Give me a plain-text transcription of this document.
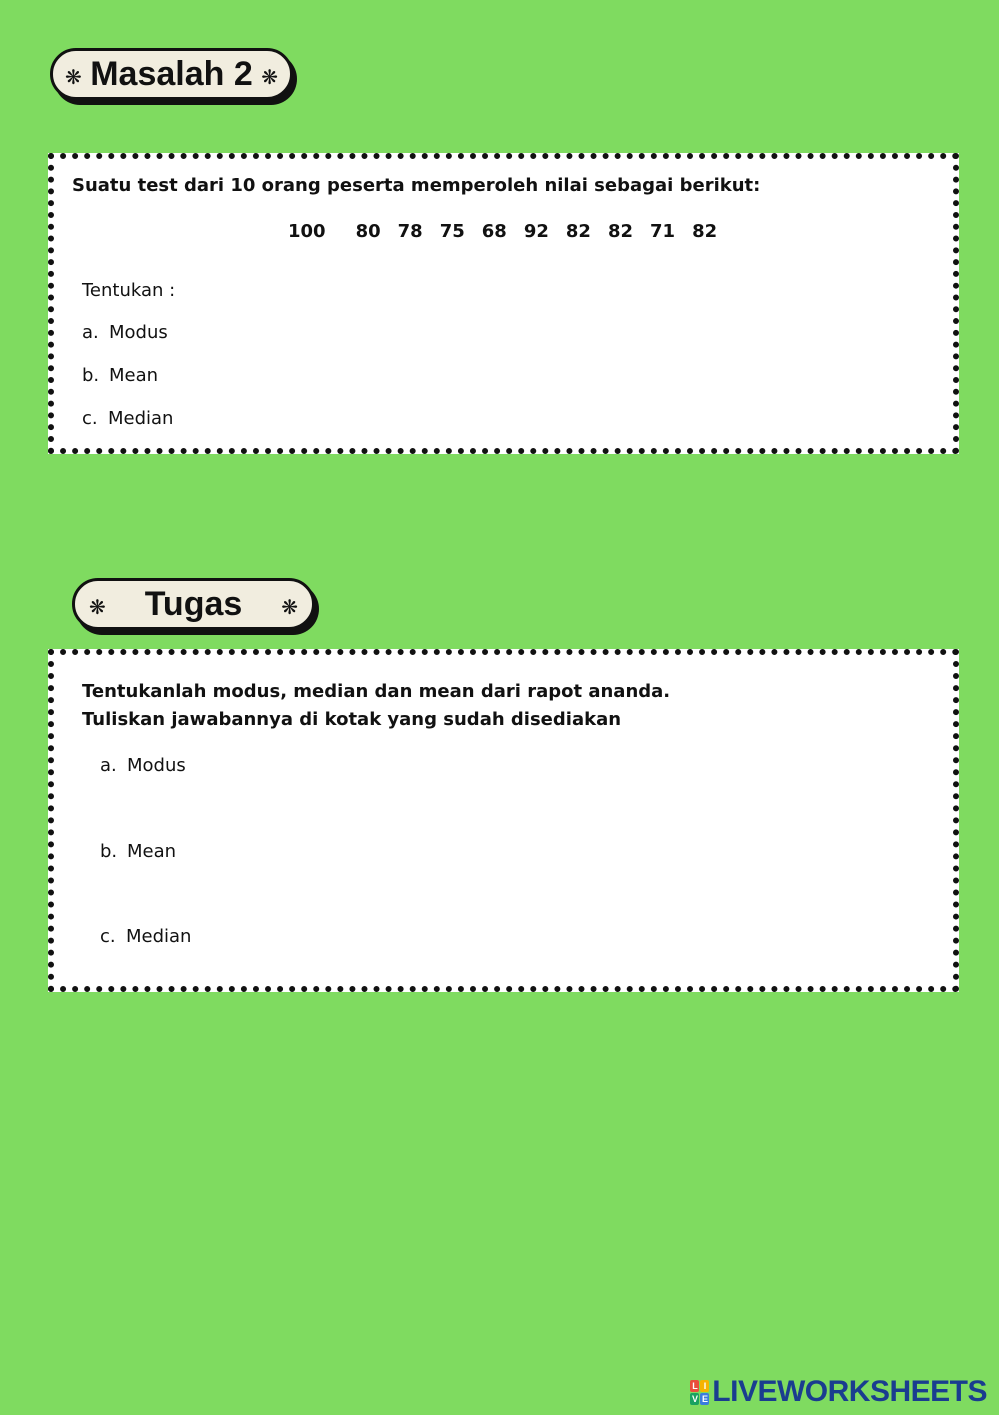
❋ Masalah 2 ❋
Suatu test dari 10 orang peserta memperoleh nilai sebagai berikut:
100 80 78 75 68 92 82 82 71 82
Tentukan :
a. Modus
b. Mean
c. Median
❋ Tugas ❋
Tentukanlah modus, median dan mean dari rapot ananda.
Tuliskan jawabannya di kotak yang sudah disediakan
a. Modus
b. Mean
c. Median
L I
V E LIVEWORKSHEETS
